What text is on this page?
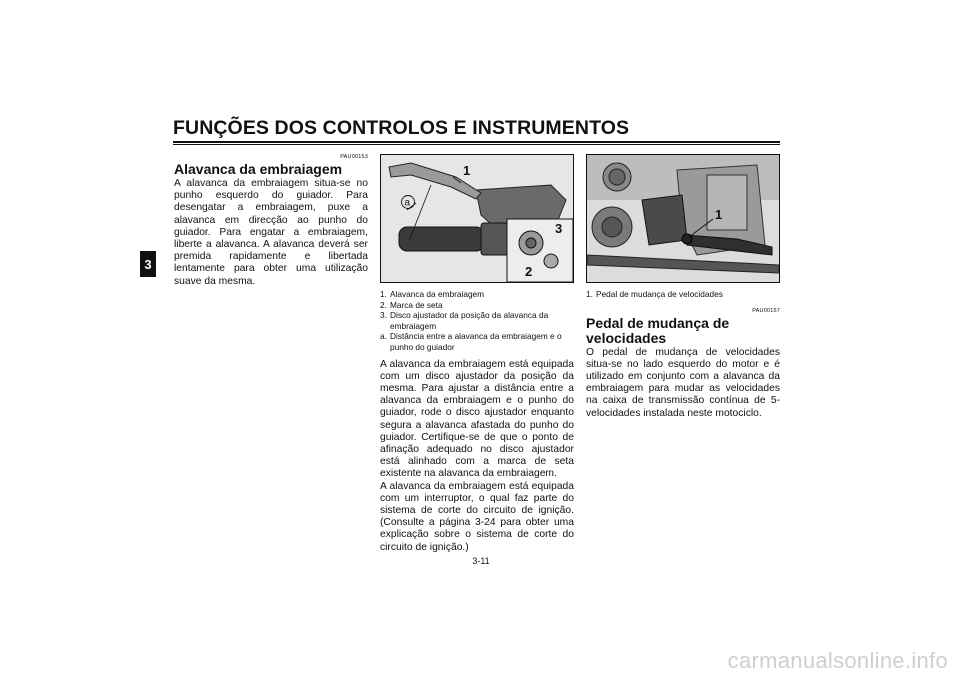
FUNÇÕES DOS CONTROLOS E INSTRUMENTOS
3
PAU00153
Alavanca da embraiagem

A alavanca da embraiagem situa-se no punho esquerdo do guiador. Para desengatar a embraiagem, puxe a alavanca em direcção ao punho do guiador. Para engatar a embraiagem, liberte a alavanca. A alavanca deverá ser premida rapidamente e libertada lentamente para obter uma utilização suave da mesma.

1
a
3
2
1. Alavanca da embraiagem
2. Marca de seta
3. Disco ajustador da posição da alavanca da embraiagem
a. Distância entre a alavanca da embraiagem e o punho do guiador

A alavanca da embraiagem está equipada com um disco ajustador da posição da mesma. Para ajustar a distância entre a alavanca da embraiagem e o punho do guiador, rode o disco ajustador enquanto segura a alavanca afastada do punho do guiador. Certifique-se de que o ponto de afinação adequado no disco ajustador está alinhado com a marca de seta existente na alavanca da embraiagem.

A alavanca da embraiagem está equipada com um interruptor, o qual faz parte do sistema de corte do circuito de ignição. (Consulte a página 3-24 para obter uma explicação sobre o sistema de corte do circuito de ignição.)

1
1. Pedal de mudança de velocidades
PAU00157
Pedal de mudança de velocidades

O pedal de mudança de velocidades situa-se no lado esquerdo do motor e é utilizado em conjunto com a alavanca da embraiagem para mudar as velocidades na caixa de transmissão contínua de 5-velocidades instalada neste motociclo.

3-11
carmanualsonline.info
